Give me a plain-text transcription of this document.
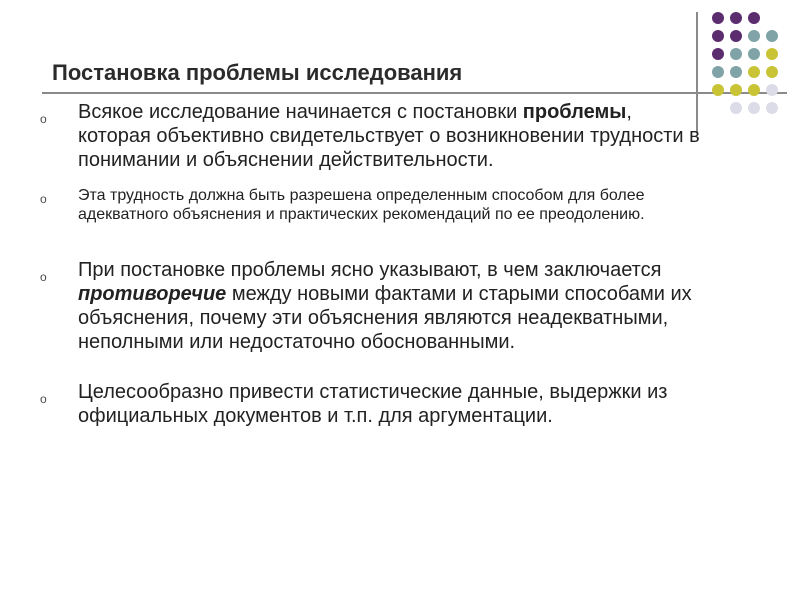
Постановка проблемы исследования
o Всякое исследование начинается с постановки проблемы, которая объективно свидетельствует о возникновении трудности в понимании и объяснении действительности.
o Эта трудность должна быть разрешена определенным способом для более адекватного объяснения и практических рекомендаций по ее преодолению.
o При постановке проблемы ясно указывают, в чем заключается противоречие между новыми фактами и старыми способами их объяснения, почему эти объяснения являются неадекватными, неполными или недостаточно обоснованными.
o Целесообразно привести статистические данные, выдержки из официальных документов и т.п. для аргументации.
